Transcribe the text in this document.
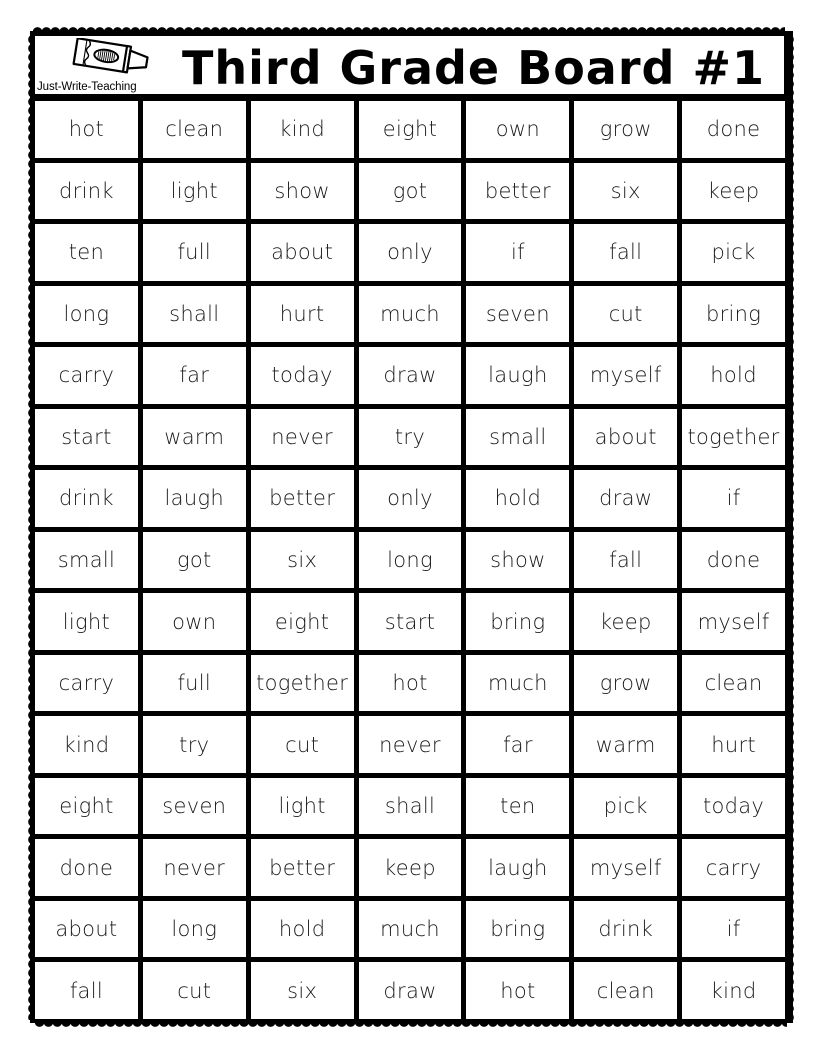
Just-Write-Teaching Third Grade Board #1
hot	clean	kind	eight	own	grow	done
drink	light	show	got	better	six	keep
ten	full	about	only	if	fall	pick
long	shall	hurt	much	seven	cut	bring
carry	far	today	draw	laugh	myself	hold
start	warm	never	try	small	about	together
drink	laugh	better	only	hold	draw	if
small	got	six	long	show	fall	done
light	own	eight	start	bring	keep	myself
carry	full	together	hot	much	grow	clean
kind	try	cut	never	far	warm	hurt
eight	seven	light	shall	ten	pick	today
done	never	better	keep	laugh	myself	carry
about	long	hold	much	bring	drink	if
fall	cut	six	draw	hot	clean	kind
